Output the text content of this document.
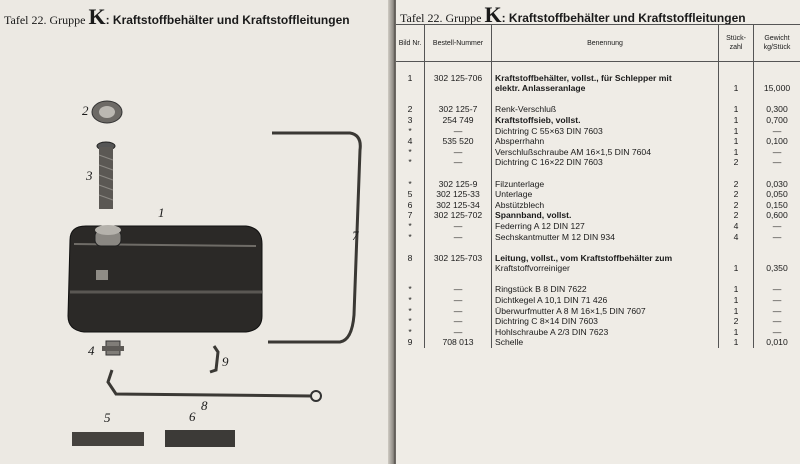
Tafel 22. Gruppe K: Kraftstoffbehälter und Kraftstoffleitungen
1
2
3
4
5	6
7
8
9
Tafel 22. Gruppe K: Kraftstoffbehälter und Kraftstoffleitungen
Bild Nr.	Bestell-Nummer	Benennung	Stück-zahl	Gewicht kg/Stück

1	302 125-706	Kraftstoffbehälter, vollst., für Schlepper mit		
		elektr. Anlasseranlage	1	15,000

2	302 125-7	Renk-Verschluß	1	0,300
3	254 749	Kraftstoffsieb, vollst.	1	0,700
*	—	Dichtring C 55×63 DIN 7603	1	—
4	535 520	Absperrhahn	1	0,100
*	—	Verschlußschraube AM 16×1,5 DIN 7604	1	—
*	—	Dichtring C 16×22 DIN 7603	2	—

*	302 125-9	Filzunterlage	2	0,030
5	302 125-33	Unterlage	2	0,050
6	302 125-34	Abstützblech	2	0,150
7	302 125-702	Spannband, vollst.	2	0,600
*	—	Federring A 12 DIN 127	4	—
*	—	Sechskantmutter M 12 DIN 934	4	—

8	302 125-703	Leitung, vollst., vom Kraftstoffbehälter zum		
		Kraftstoffvorreiniger	1	0,350

*	—	Ringstück B 8 DIN 7622	1	—
*	—	Dichtkegel A 10,1 DIN 71 426	1	—
*	—	Überwurfmutter A 8 M 16×1,5 DIN 7607	1	—
*	—	Dichtring C 8×14 DIN 7603	2	—
*	—	Hohlschraube A 2/3 DIN 7623	1	—
9	708 013	Schelle	1	0,010
